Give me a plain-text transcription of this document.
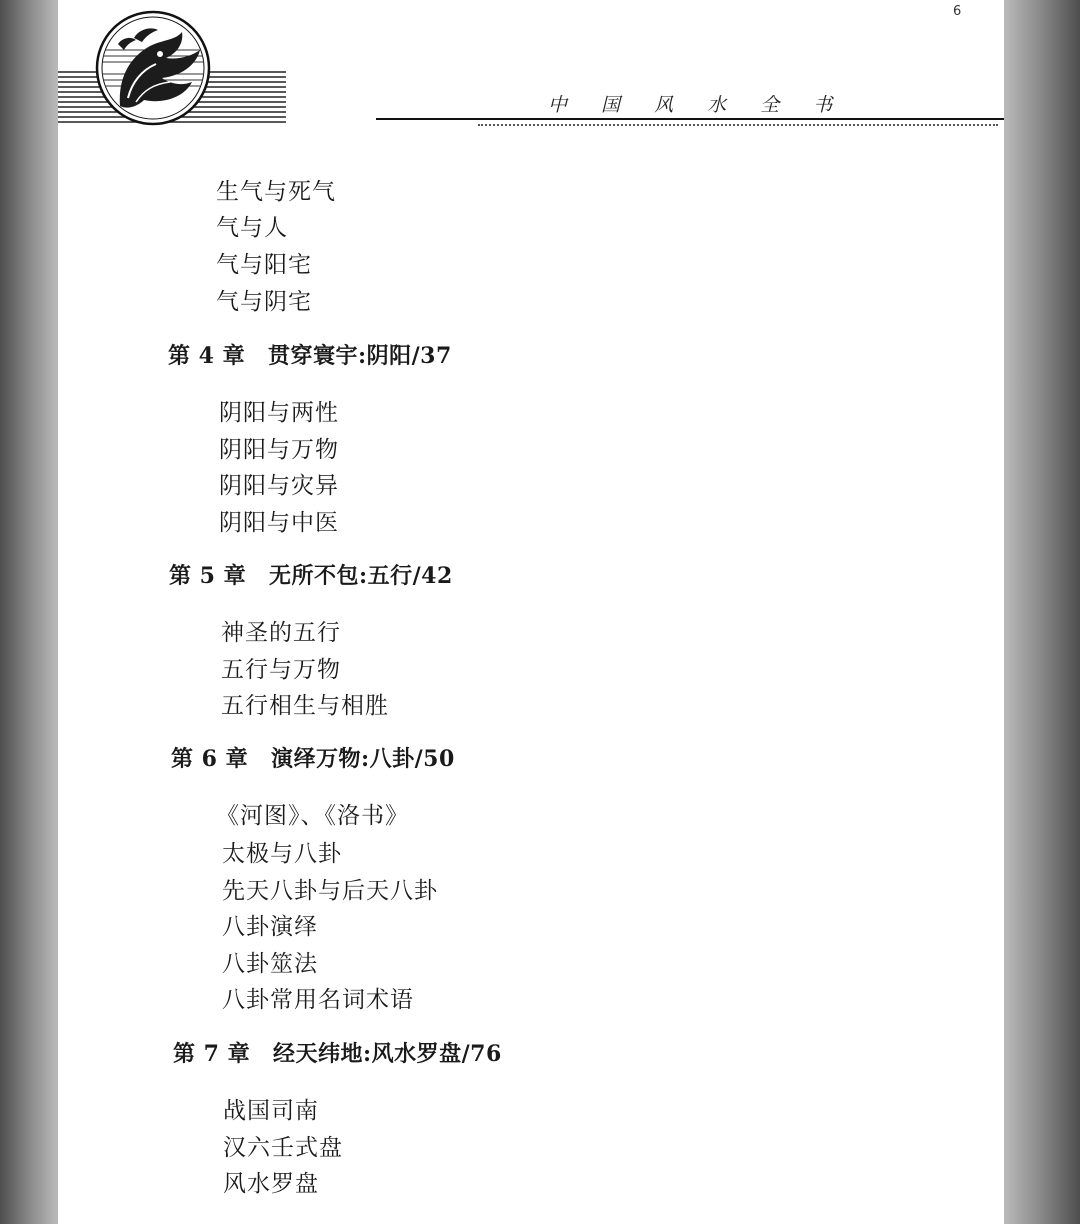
6
中 国 风 水 全 书
生气与死气
气与人
气与阳宅
气与阴宅
第 4 章 贯穿寰宇:阴阳/37
阴阳与两性
阴阳与万物
阴阳与灾异
阴阳与中医
第 5 章 无所不包:五行/42
神圣的五行
五行与万物
五行相生与相胜
第 6 章 演绎万物:八卦/50
《河图》、《洛书》
太极与八卦
先天八卦与后天八卦
八卦演绎
八卦筮法
八卦常用名词术语
第 7 章 经天纬地:风水罗盘/76
战国司南
汉六壬式盘
风水罗盘
